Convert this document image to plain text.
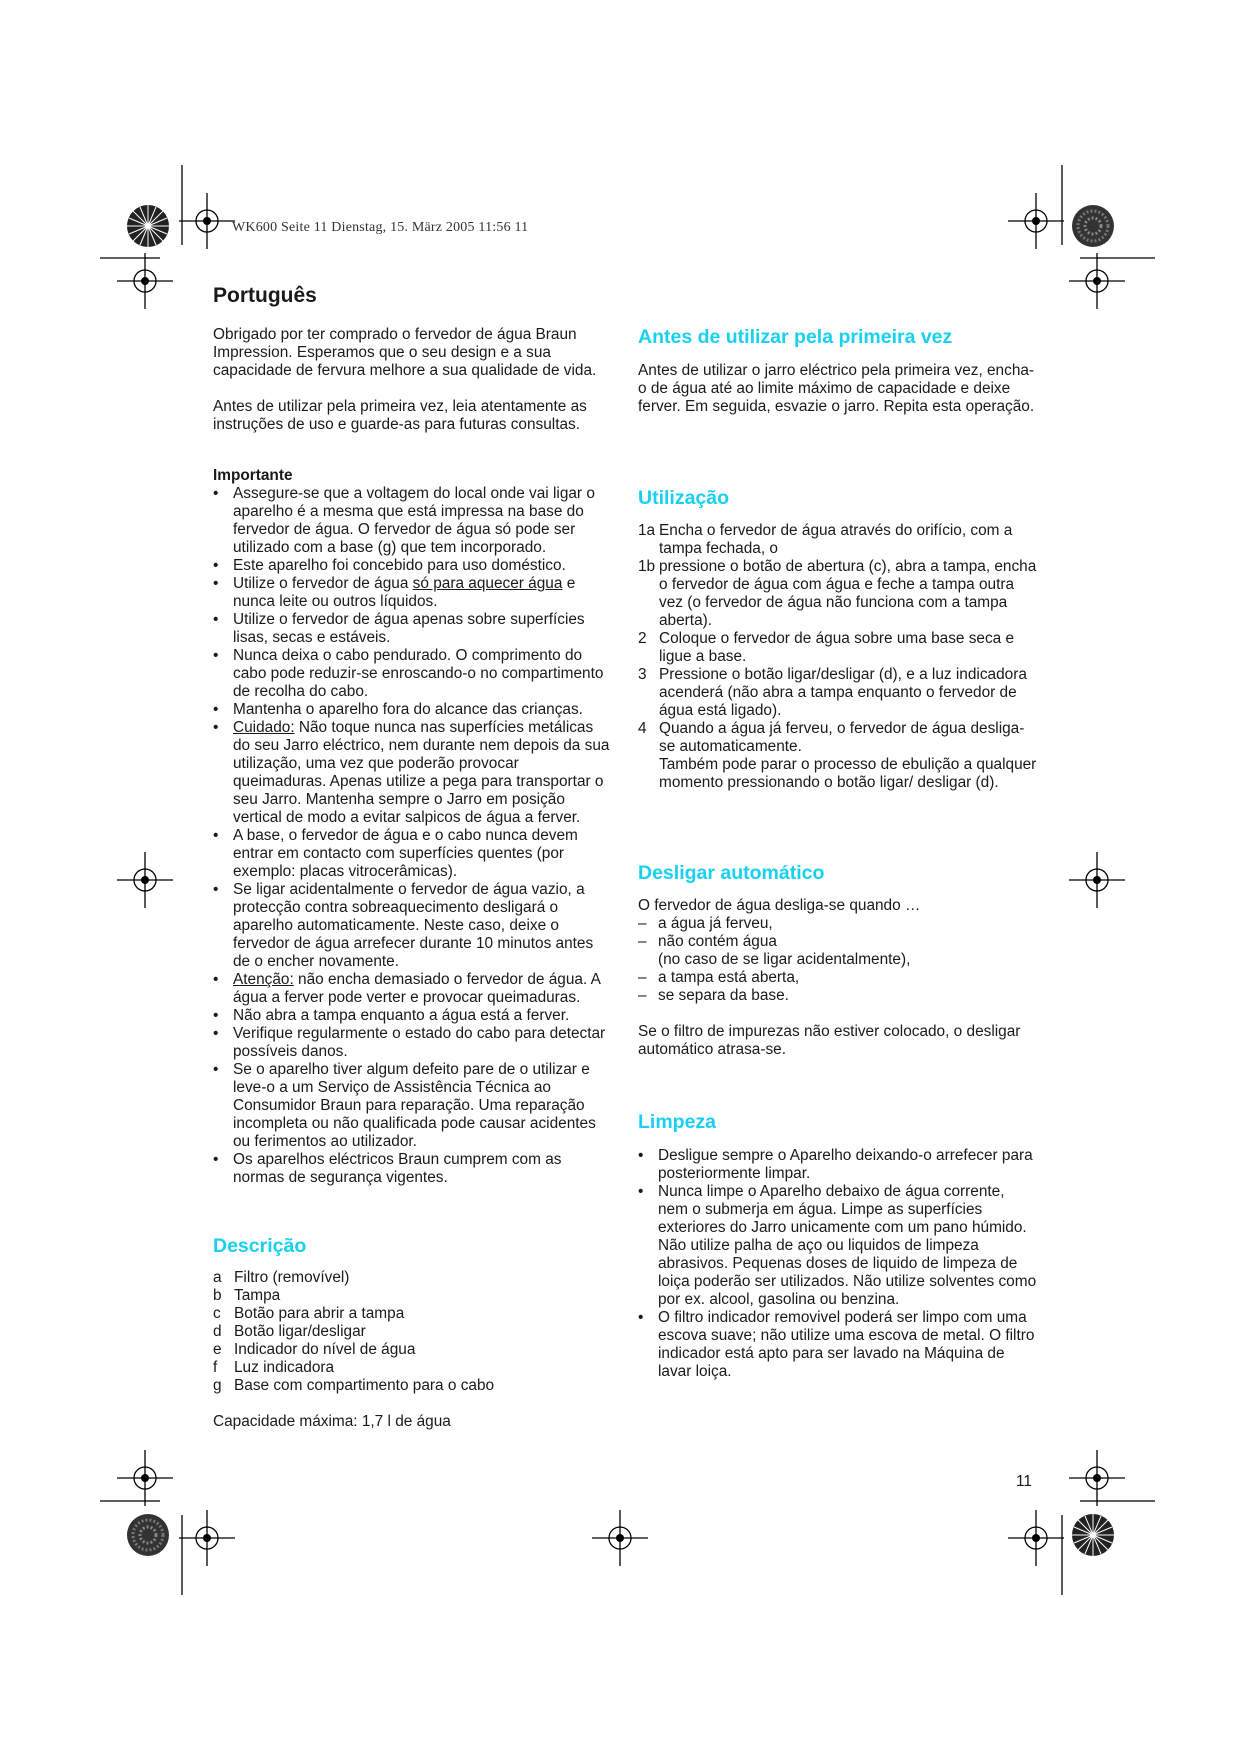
WK600 Seite 11 Dienstag, 15. März 2005 11:56 11
Português

Obrigado por ter comprado o fervedor de água Braun Impression. Esperamos que o seu design e a sua capacidade de fervura melhore a sua qualidade de vida.

Antes de utilizar pela primeira vez, leia atentamente as instruções de uso e guarde-as para futuras consultas.

Importante

• Assegure-se que a voltagem do local onde vai ligar o aparelho é a mesma que está impressa na base do fervedor de água. O fervedor de água só pode ser utilizado com a base (g) que tem incorporado.
• Este aparelho foi concebido para uso doméstico.
• Utilize o fervedor de água só para aquecer água e nunca leite ou outros líquidos.
• Utilize o fervedor de água apenas sobre superfícies lisas, secas e estáveis.
• Nunca deixa o cabo pendurado. O comprimento do cabo pode reduzir-se enroscando-o no compartimento de recolha do cabo.
• Mantenha o aparelho fora do alcance das crianças.
• Cuidado: Não toque nunca nas superfícies metálicas do seu Jarro eléctrico, nem durante nem depois da sua utilização, uma vez que poderão provocar queimaduras. Apenas utilize a pega para transportar o seu Jarro. Mantenha sempre o Jarro em posição vertical de modo a evitar salpicos de água a ferver.
• A base, o fervedor de água e o cabo nunca devem entrar em contacto com superfícies quentes (por exemplo: placas vitrocerâmicas).
• Se ligar acidentalmente o fervedor de água vazio, a protecção contra sobreaquecimento desligará o aparelho automaticamente. Neste caso, deixe o fervedor de água arrefecer durante 10 minutos antes de o encher novamente.
• Atenção: não encha demasiado o fervedor de água. A água a ferver pode verter e provocar queimaduras.
• Não abra a tampa enquanto a água está a ferver.
• Verifique regularmente o estado do cabo para detectar possíveis danos.
• Se o aparelho tiver algum defeito pare de o utilizar e leve-o a um Serviço de Assistência Técnica ao Consumidor Braun para reparação. Uma reparação incompleta ou não qualificada pode causar acidentes ou ferimentos ao utilizador.
• Os aparelhos eléctricos Braun cumprem com as normas de segurança vigentes.
Descrição
a Filtro (removível)
b Tampa
c Botão para abrir a tampa
d Botão ligar/desligar
e Indicador do nível de água
f Luz indicadora
g Base com compartimento para o cabo

Capacidade máxima: 1,7 l de água

Antes de utilizar pela primeira vez

Antes de utilizar o jarro eléctrico pela primeira vez, encha-o de água até ao limite máximo de capacidade e deixe ferver. Em seguida, esvazie o jarro. Repita esta operação.

Utilização
1a Encha o fervedor de água através do orifício, com a tampa fechada, o
1b pressione o botão de abertura (c), abra a tampa, encha o fervedor de água com água e feche a tampa outra vez (o fervedor de água não funciona com a tampa aberta).
2 Coloque o fervedor de água sobre uma base seca e ligue a base.
3 Pressione o botão ligar/desligar (d), e a luz indicadora acenderá (não abra a tampa enquanto o fervedor de água está ligado).
4 Quando a água já ferveu, o fervedor de água desliga-se automaticamente.

Também pode parar o processo de ebulição a qualquer momento pressionando o botão ligar/ desligar (d).

Desligar automático

O fervedor de água desliga-se quando …

– a água já ferveu,
– não contém água
(no caso de se ligar acidentalmente),
– a tampa está aberta,
– se separa da base.

Se o filtro de impurezas não estiver colocado, o desligar automático atrasa-se.

Limpeza
• Desligue sempre o Aparelho deixando-o arrefecer para posteriormente limpar.
• Nunca limpe o Aparelho debaixo de água corrente, nem o submerja em água. Limpe as superfícies exteriores do Jarro unicamente com um pano húmido. Não utilize palha de aço ou liquidos de limpeza abrasivos. Pequenas doses de liquido de limpeza de loiça poderão ser utilizados. Não utilize solventes como por ex. alcool, gasolina ou benzina.
• O filtro indicador removivel poderá ser limpo com uma escova suave; não utilize uma escova de metal. O filtro indicador está apto para ser lavado na Máquina de lavar loiça.
11
